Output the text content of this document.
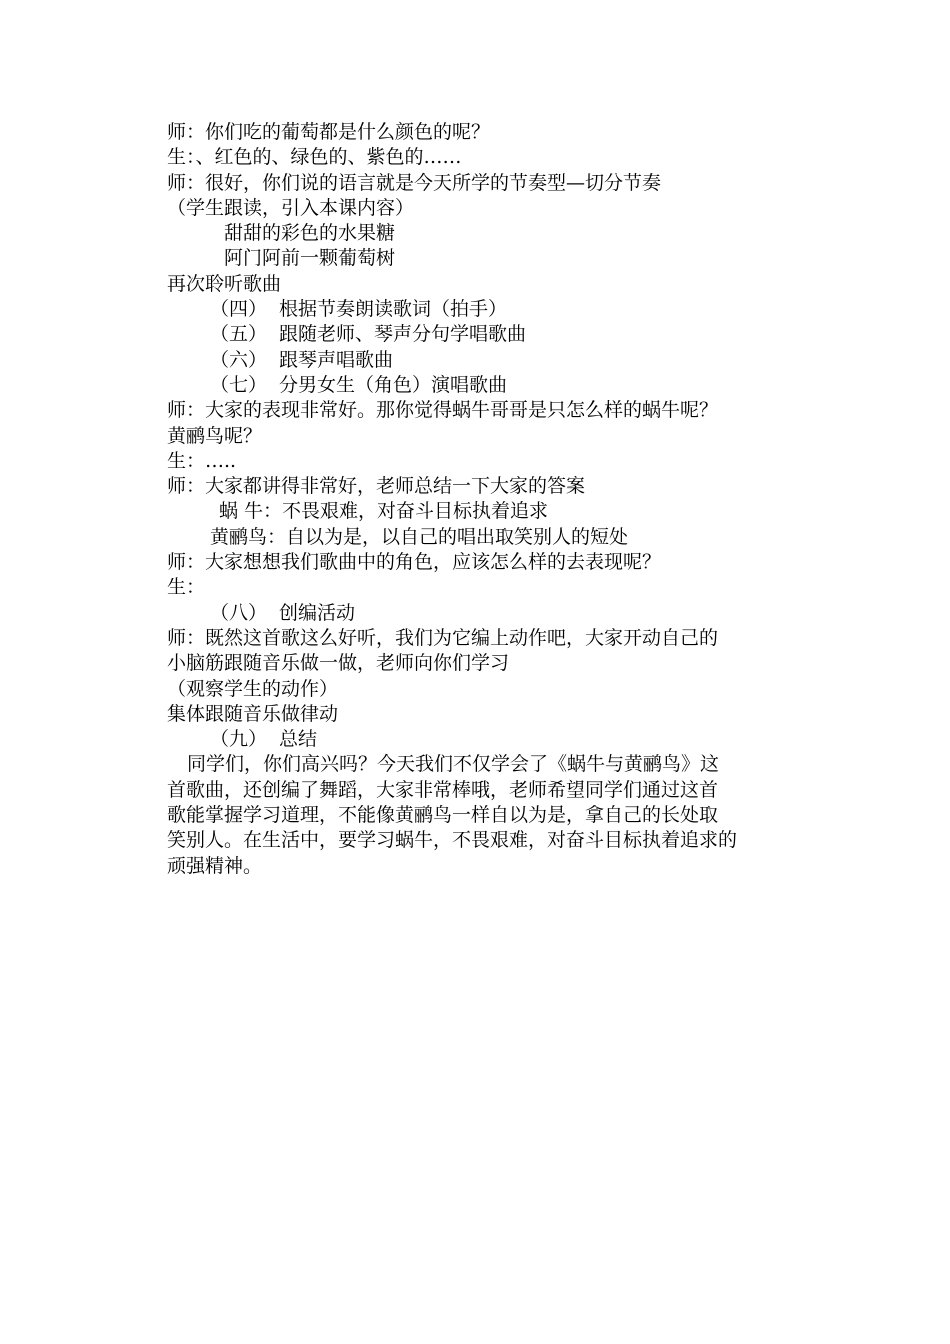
师：你们吃的葡萄都是什么颜色的呢？
生：、红色的、绿色的、紫色的……
师：很好，你们说的语言就是今天所学的节奏型—切分节奏
（学生跟读，引入本课内容）
甜甜的彩色的水果糖
阿门阿前一颗葡萄树
再次聆听歌曲
（四） 根据节奏朗读歌词（拍手）
（五） 跟随老师、琴声分句学唱歌曲
（六） 跟琴声唱歌曲
（七） 分男女生（角色）演唱歌曲
师：大家的表现非常好。那你觉得蜗牛哥哥是只怎么样的蜗牛呢？
黄鹂鸟呢？
生：…..
师：大家都讲得非常好，老师总结一下大家的答案
蜗 牛：不畏艰难，对奋斗目标执着追求
黄鹂鸟：自以为是，以自己的唱出取笑别人的短处
师：大家想想我们歌曲中的角色，应该怎么样的去表现呢？
生：
（八） 创编活动
师：既然这首歌这么好听，我们为它编上动作吧，大家开动自己的
小脑筋跟随音乐做一做，老师向你们学习
（观察学生的动作）
集体跟随音乐做律动
（九） 总结
同学们，你们高兴吗？今天我们不仅学会了《蜗牛与黄鹂鸟》这
首歌曲，还创编了舞蹈，大家非常棒哦，老师希望同学们通过这首
歌能掌握学习道理，不能像黄鹂鸟一样自以为是，拿自己的长处取
笑别人。在生活中，要学习蜗牛，不畏艰难，对奋斗目标执着追求的
顽强精神。
